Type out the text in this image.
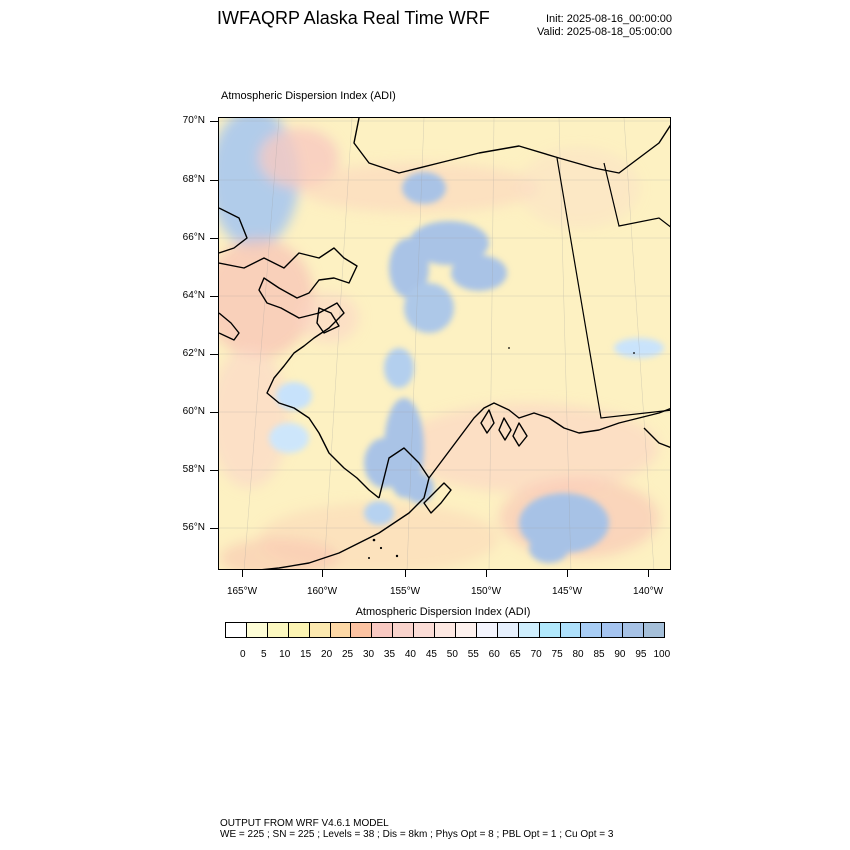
IWFAQRP Alaska Real Time WRF	Init: 2025-08-16_00:00:00
Valid: 2025-08-18_05:00:00
Atmospheric Dispersion Index (ADI)
70°N
68°N
66°N
64°N
62°N
60°N
58°N
56°N
165°W	160°W	155°W	150°W	145°W	140°W
Atmospheric Dispersion Index (ADI)
0	5	10 15 20 25 30 35 40 45 50 55 60 65 70 75 80 85 90 95 100
OUTPUT FROM WRF V4.6.1 MODEL
WE = 225 ; SN = 225 ; Levels = 38 ; Dis = 8km ; Phys Opt = 8 ; PBL Opt = 1 ; Cu Opt = 3
